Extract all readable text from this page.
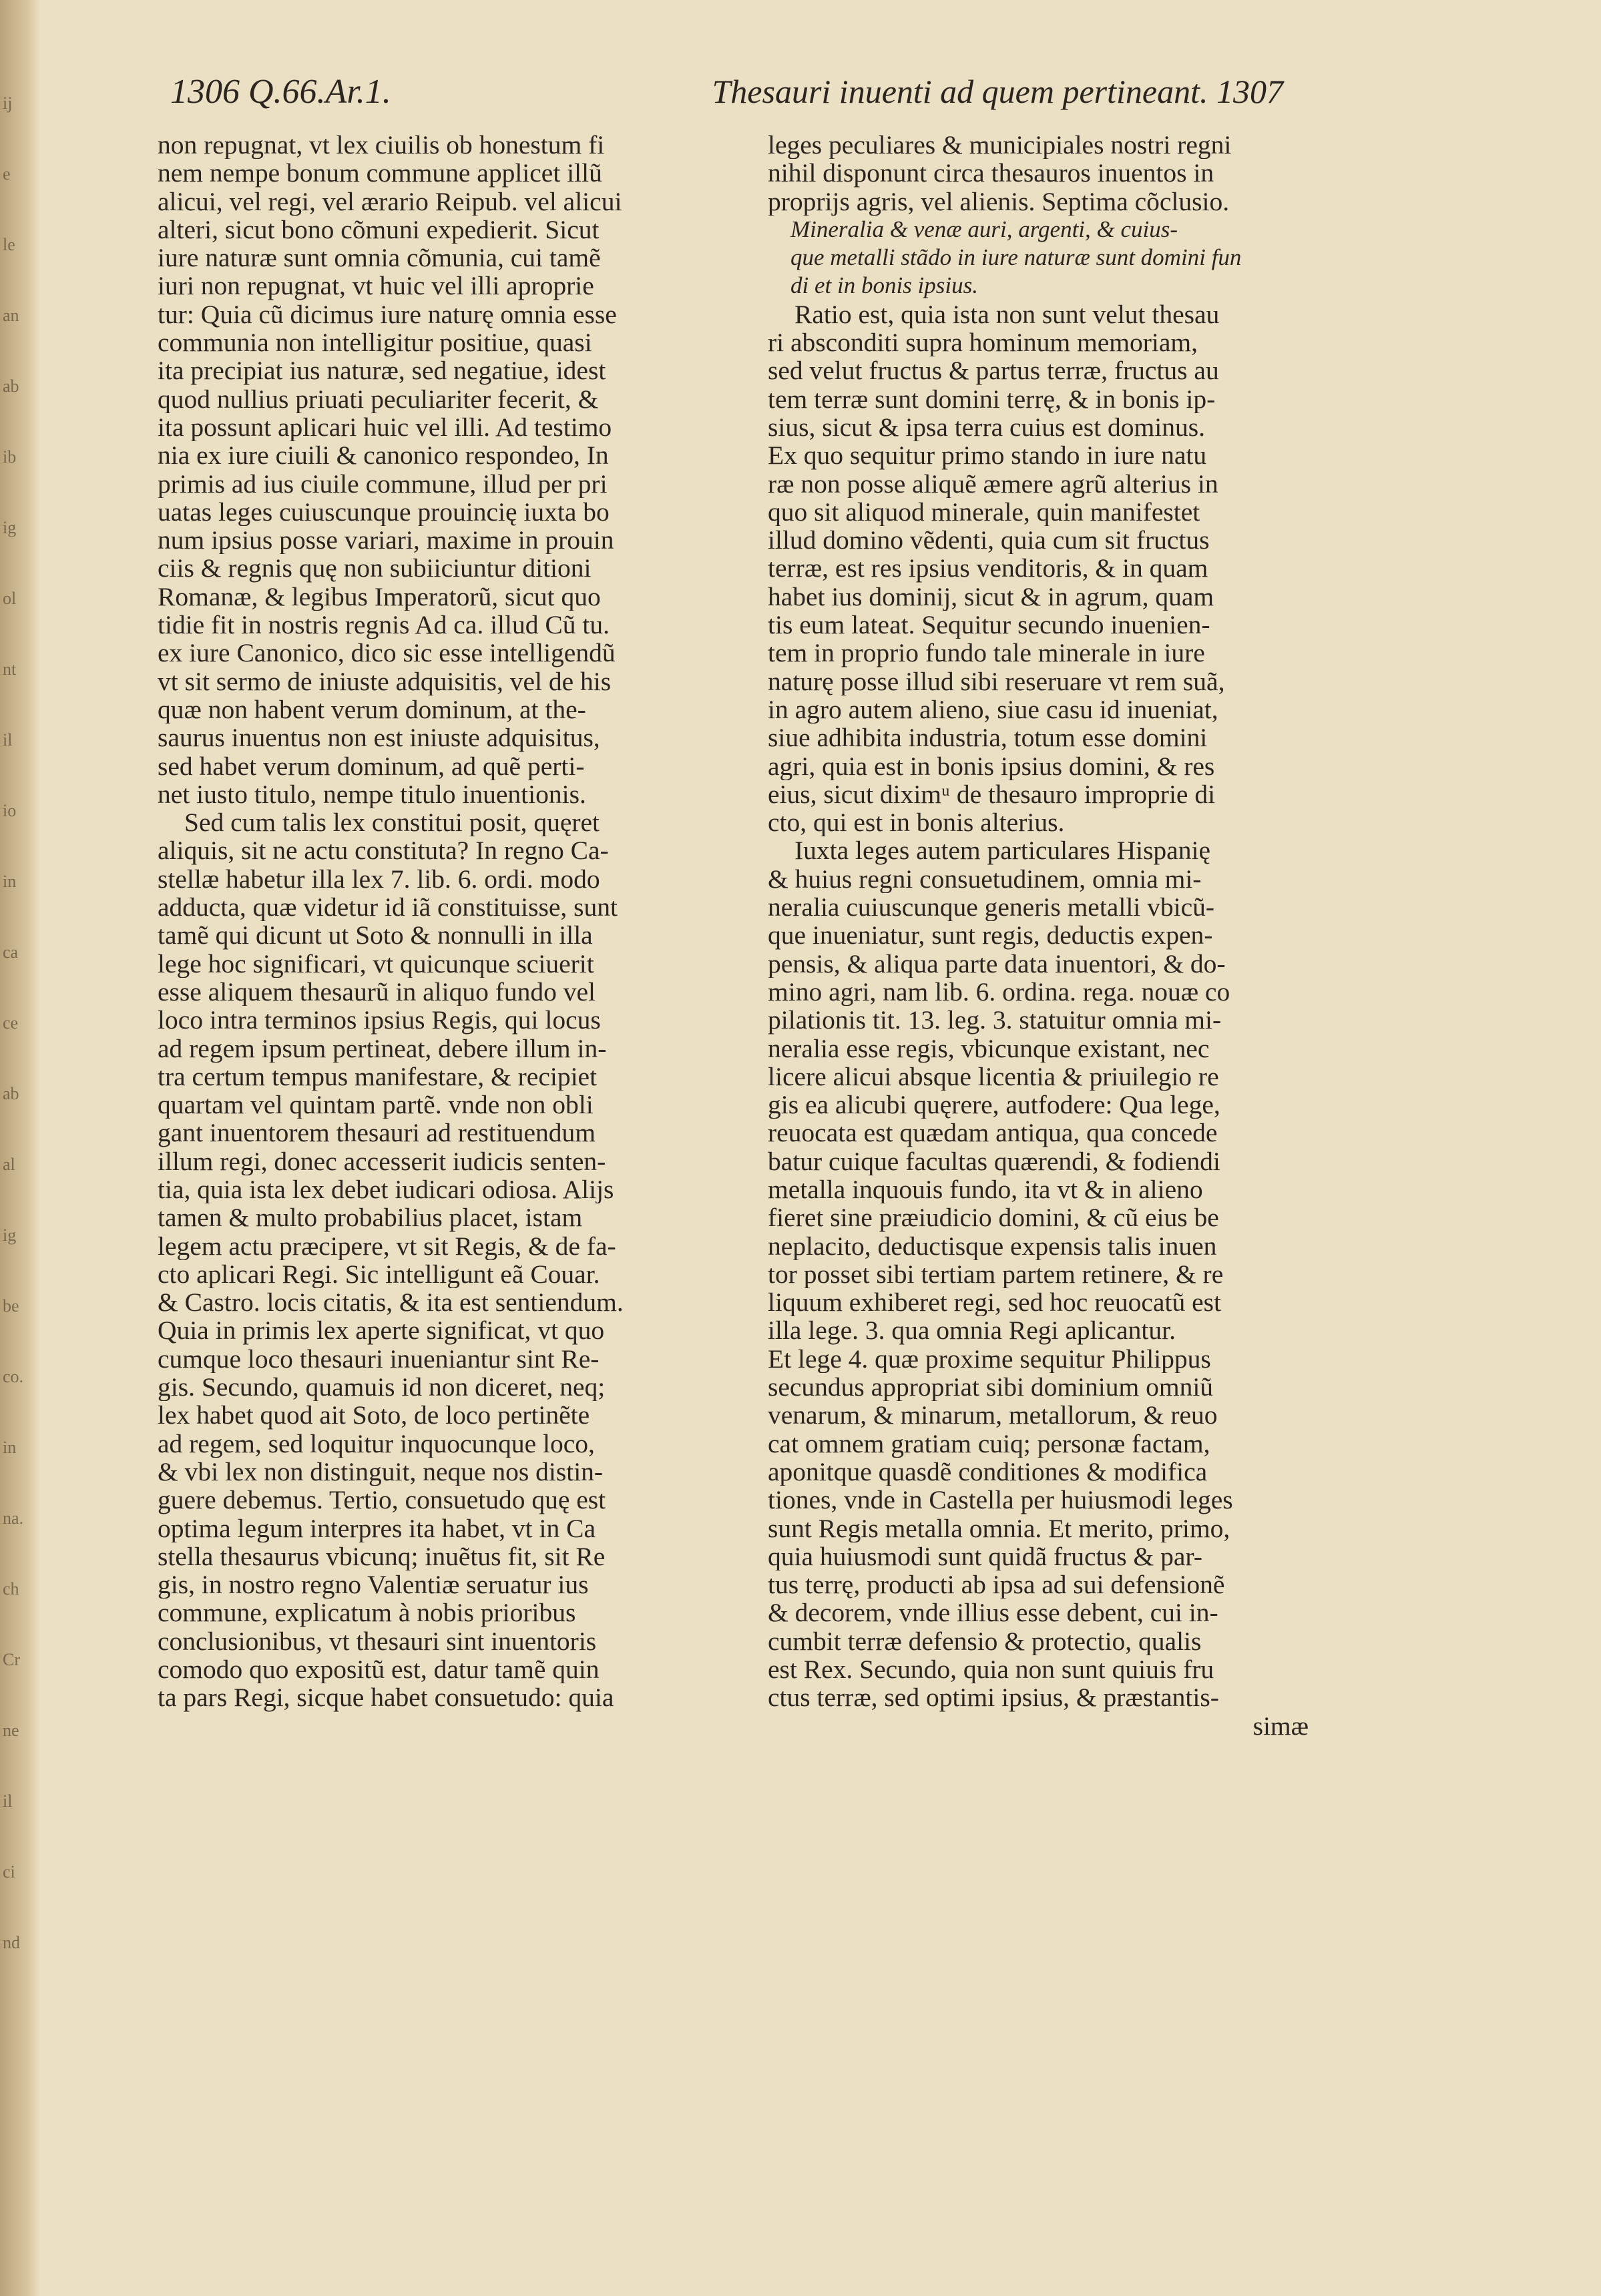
ij
e
le
an
ab
ib
ig
ol
nt
il
io
in
ca
ce
ab
al
ig
be
co.
in
na.
ch
Cr
ne
il
ci
nd
1306 Q.66.Ar.1.	Thesauri inuenti ad quem pertineant. 1307
non repugnat, vt lex ciuilis ob honestum fi
nem nempe bonum commune applicet illũ
alicui, vel regi, vel ærario Reipub. vel alicui
alteri, sicut bono cõmuni expedierit. Sicut
iure naturæ sunt omnia cõmunia, cui tamẽ
iuri non repugnat, vt huic vel illi aproprie
tur: Quia cũ dicimus iure naturę omnia esse
communia non intelligitur positiue, quasi
ita precipiat ius naturæ, sed negatiue, idest
quod nullius priuati peculiariter fecerit, &
ita possunt aplicari huic vel illi. Ad testimo
nia ex iure ciuili & canonico respondeo, In
primis ad ius ciuile commune, illud per pri
uatas leges cuiuscunque prouincię iuxta bo
num ipsius posse variari, maxime in prouin
ciis & regnis quę non subiiciuntur ditioni
Romanæ, & legibus Imperatorũ, sicut quo
tidie fit in nostris regnis Ad ca. illud Cũ tu.
ex iure Canonico, dico sic esse intelligendũ
vt sit sermo de iniuste adquisitis, vel de his
quæ non habent verum dominum, at the-
saurus inuentus non est iniuste adquisitus,
sed habet verum dominum, ad quẽ perti-
net iusto titulo, nempe titulo inuentionis.
Sed cum talis lex constitui posit, quęret
aliquis, sit ne actu constituta? In regno Ca-
stellæ habetur illa lex 7. lib. 6. ordi. modo
adducta, quæ videtur id iã constituisse, sunt
tamẽ qui dicunt ut Soto & nonnulli in illa
lege hoc significari, vt quicunque sciuerit
esse aliquem thesaurũ in aliquo fundo vel
loco intra terminos ipsius Regis, qui locus
ad regem ipsum pertineat, debere illum in-
tra certum tempus manifestare, & recipiet
quartam vel quintam partẽ. vnde non obli
gant inuentorem thesauri ad restituendum
illum regi, donec accesserit iudicis senten-
tia, quia ista lex debet iudicari odiosa. Alijs
tamen & multo probabilius placet, istam
legem actu præcipere, vt sit Regis, & de fa-
cto aplicari Regi. Sic intelligunt eã Couar.
& Castro. locis citatis, & ita est sentiendum.
Quia in primis lex aperte significat, vt quo
cumque loco thesauri inueniantur sint Re-
gis. Secundo, quamuis id non diceret, neq;
lex habet quod ait Soto, de loco pertinẽte
ad regem, sed loquitur inquocunque loco,
& vbi lex non distinguit, neque nos distin-
guere debemus. Tertio, consuetudo quę est
optima legum interpres ita habet, vt in Ca
stella thesaurus vbicunq; inuẽtus fit, sit Re
gis, in nostro regno Valentiæ seruatur ius
commune, explicatum à nobis prioribus
conclusionibus, vt thesauri sint inuentoris
comodo quo expositũ est, datur tamẽ quin
ta pars Regi, sicque habet consuetudo: quia
leges peculiares & municipiales nostri regni
nihil disponunt circa thesauros inuentos in
proprijs agris, vel alienis. Septima cõclusio.
Mineralia & venæ auri, argenti, & cuius-
que metalli stãdo in iure naturæ sunt domini fun
di et in bonis ipsius.
Ratio est, quia ista non sunt velut thesau
ri absconditi supra hominum memoriam,
sed velut fructus & partus terræ, fructus au
tem terræ sunt domini terrę, & in bonis ip-
sius, sicut & ipsa terra cuius est dominus.
Ex quo sequitur primo stando in iure natu
ræ non posse aliquẽ æmere agrũ alterius in
quo sit aliquod minerale, quin manifestet
illud domino vẽdenti, quia cum sit fructus
terræ, est res ipsius venditoris, & in quam
habet ius dominij, sicut & in agrum, quam
tis eum lateat. Sequitur secundo inuenien-
tem in proprio fundo tale minerale in iure
naturę posse illud sibi reseruare vt rem suã,
in agro autem alieno, siue casu id inueniat,
siue adhibita industria, totum esse domini
agri, quia est in bonis ipsius domini, & res
eius, sicut diximᵘ de thesauro improprie di
cto, qui est in bonis alterius.
Iuxta leges autem particulares Hispanię
& huius regni consuetudinem, omnia mi-
neralia cuiuscunque generis metalli vbicũ-
que inueniatur, sunt regis, deductis expen-
pensis, & aliqua parte data inuentori, & do-
mino agri, nam lib. 6. ordina. rega. nouæ co
pilationis tit. 13. leg. 3. statuitur omnia mi-
neralia esse regis, vbicunque existant, nec
licere alicui absque licentia & priuilegio re
gis ea alicubi quęrere, autfodere: Qua lege,
reuocata est quædam antiqua, qua concede
batur cuique facultas quærendi, & fodiendi
metalla inquouis fundo, ita vt & in alieno
fieret sine præiudicio domini, & cũ eius be
neplacito, deductisque expensis talis inuen
tor posset sibi tertiam partem retinere, & re
liquum exhiberet regi, sed hoc reuocatũ est
illa lege. 3. qua omnia Regi aplicantur.
Et lege 4. quæ proxime sequitur Philippus
secundus appropriat sibi dominium omniũ
venarum, & minarum, metallorum, & reuo
cat omnem gratiam cuiq; personæ factam,
aponitque quasdẽ conditiones & modifica
tiones, vnde in Castella per huiusmodi leges
sunt Regis metalla omnia. Et merito, primo,
quia huiusmodi sunt quidã fructus & par-
tus terrę, producti ab ipsa ad sui defensionẽ
& decorem, vnde illius esse debent, cui in-
cumbit terræ defensio & protectio, qualis
est Rex. Secundo, quia non sunt quiuis fru
ctus terræ, sed optimi ipsius, & præstantis-
simæ
